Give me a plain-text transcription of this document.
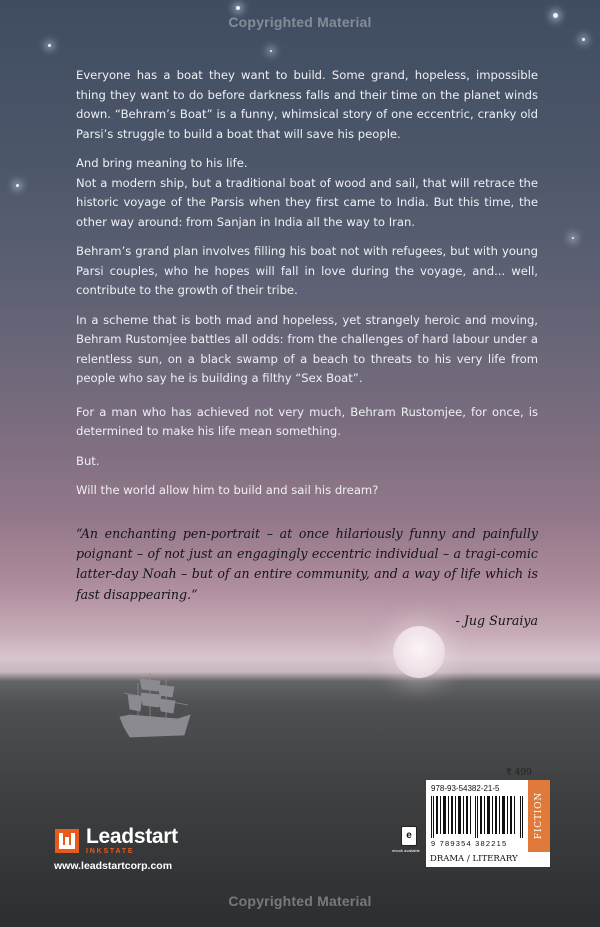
Copyrighted Material

Everyone has a boat they want to build. Some grand, hopeless, impossible thing they want to do before darkness falls and their time on the planet winds down. “Behram’s Boat” is a funny, whimsical story of one eccentric, cranky old Parsi’s struggle to build a boat that will save his people.

And bring meaning to his life.

Not a modern ship, but a traditional boat of wood and sail, that will retrace the historic voyage of the Parsis when they first came to India. But this time, the other way around: from Sanjan in India all the way to Iran.

Behram’s grand plan involves filling his boat not with refugees, but with young Parsi couples, who he hopes will fall in love during the voyage, and... well, contribute to the growth of their tribe.

In a scheme that is both mad and hopeless, yet strangely heroic and moving, Behram Rustomjee battles all odds: from the challenges of hard labour under a relentless sun, on a black swamp of a beach to threats to his very life from people who say he is building a filthy “Sex Boat”.

For a man who has achieved not very much, Behram Rustomjee, for once, is determined to make his life mean something.

But.

Will the world allow him to build and sail his dream?

“An enchanting pen-portrait – at once hilariously funny and painfully poignant – of not just an engagingly eccentric individual – a tragi-comic latter-day Noah – but of an entire community, and a way of life which is fast disappearing.”
- Jug Suraiya
Leadstart
INKSTATE
www.leadstartcorp.com
e
ebook available
₹ 499
978-93-54382-21-5
9 789354 382215
FICTION
DRAMA / LITERARY
Copyrighted Material
